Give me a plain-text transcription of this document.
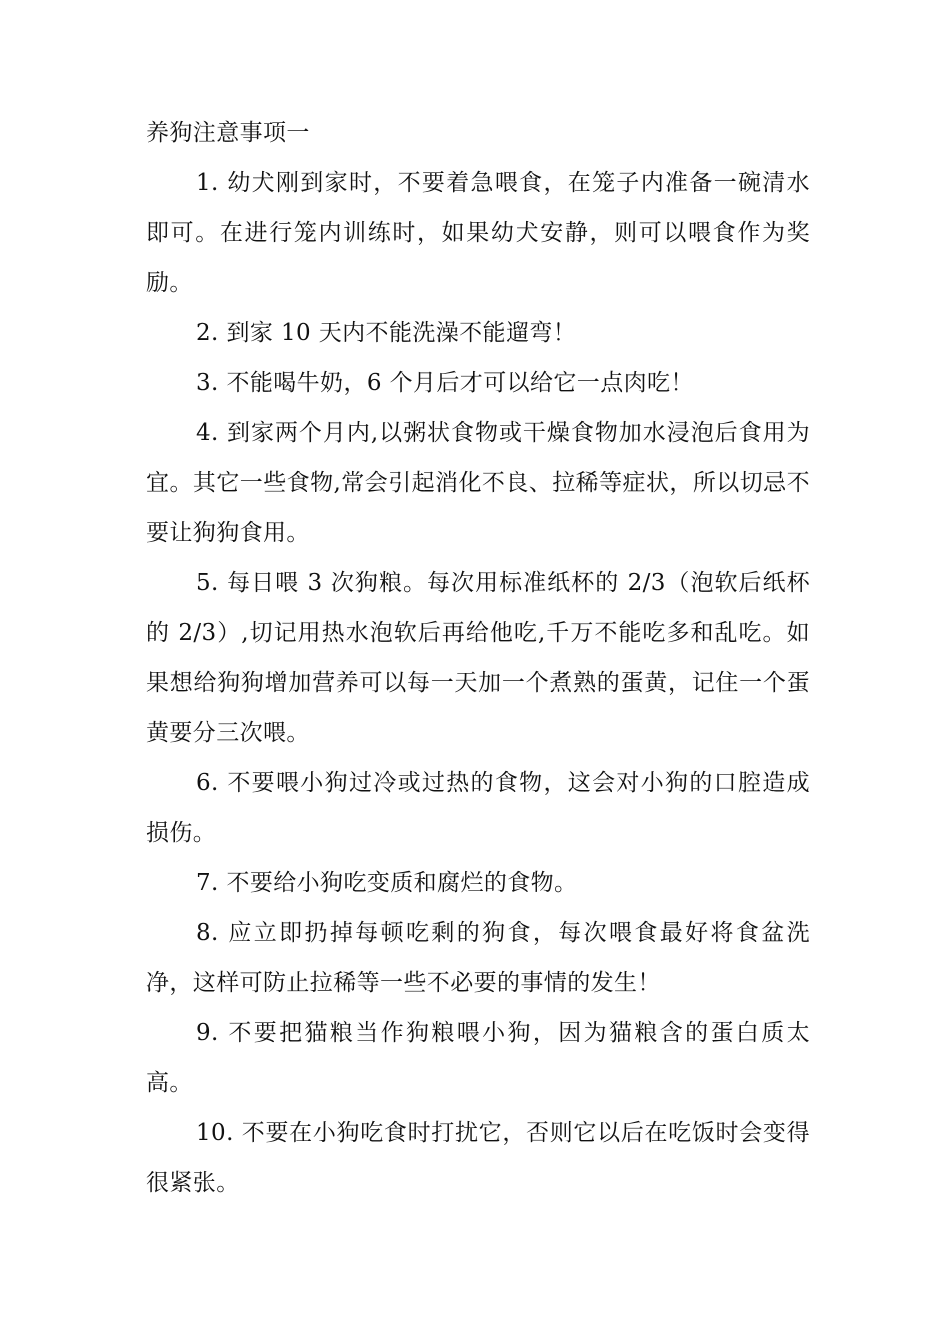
养狗注意事项一

1. 幼犬刚到家时，不要着急喂食，在笼子内准备一碗清水即可。在进行笼内训练时，如果幼犬安静，则可以喂食作为奖励。

2. 到家 10 天内不能洗澡不能遛弯！

3. 不能喝牛奶，6 个月后才可以给它一点肉吃！

4. 到家两个月内,以粥状食物或干燥食物加水浸泡后食用为宜。其它一些食物,常会引起消化不良、拉稀等症状，所以切忌不要让狗狗食用。

5. 每日喂 3 次狗粮。每次用标准纸杯的 2/3（泡软后纸杯的 2/3）,切记用热水泡软后再给他吃,千万不能吃多和乱吃。如果想给狗狗增加营养可以每一天加一个煮熟的蛋黄，记住一个蛋黄要分三次喂。

6. 不要喂小狗过冷或过热的食物，这会对小狗的口腔造成损伤。

7. 不要给小狗吃变质和腐烂的食物。

8. 应立即扔掉每顿吃剩的狗食，每次喂食最好将食盆洗净，这样可防止拉稀等一些不必要的事情的发生！

9. 不要把猫粮当作狗粮喂小狗，因为猫粮含的蛋白质太高。

10. 不要在小狗吃食时打扰它，否则它以后在吃饭时会变得很紧张。
